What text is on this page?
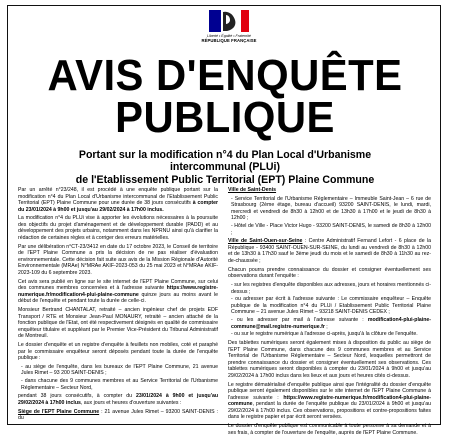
Liberté • Égalité • Fraternité
RÉPUBLIQUE FRANÇAISE
AVIS D'ENQUÊTE
PUBLIQUE
Portant sur la modification n°4 du Plan Local d'Urbanisme intercommunal (PLUi)
de l'Etablissement Public Territorial (EPT) Plaine Commune

Par un arrêté n°23/248, il est procédé à une enquête publique portant sur la modification n°4 du Plan Local d'Urbanisme intercommunal de l'Etablissement Public Territorial (EPT) Plaine Commune pour une durée de 38 jours consécutifs à compter du 23/01/2024 à 9h00 et jusqu'au 29/02/2024 à 17h00 inclus.

La modification n°4 du PLUi vise à apporter les évolutions nécessaires à la poursuite des objectifs du projet d'aménagement et de développement durable (PADD) et au développement des projets urbains, notamment dans les NPRNU ainsi qu'à clarifier la rédaction de certaines règles et à corriger des erreurs matérielles.

Par une délibération n°CT-23/3412 en date du 17 octobre 2023, le Conseil de territoire de l'EPT Plaine Commune a pris la décision de ne pas réaliser d'évaluation environnementale. Cette décision fait suite aux avis de la Mission Régionale d'Autorité Environnementale (MRAe) N°MRAe AKIF-2023-053 du 25 mai 2023 et N°MRAe AKIF-2023-109 du 6 septembre 2023.

Cet avis sera publié en ligne sur le site internet de l'EPT Plaine Commune, sur celui des communes membres concernées et à l'adresse suivante https://www.registre-numerique.fr/modification4-plui-plaine-commune quinze jours au moins avant le début de l'enquête et pendant toute la durée de celle-ci.

Monsieur Bertrand CHANTALAT, retraité – ancien ingénieur chef de projets EDF Transport / RTE et Monsieur Jean-Paul MONAURY, retraité – ancien attaché de la fonction publique de l'Etat, ont été respectivement désignés en qualité de commissaire enquêteur titulaire et suppléant par le Premier Vice-Président du Tribunal Administratif de Montreuil.

Le dossier d'enquête et un registre d'enquête à feuillets non mobiles, coté et paraphé par le commissaire enquêteur seront déposés pendant toute la durée de l'enquête publique :

- au siège de l'enquête, dans les bureaux de l'EPT Plaine Commune, 21 avenue Jules Rimet – 93 200 SAINT-DENIS ;
- dans chacune des 9 communes membres et au Service Territorial de l'Urbanisme Réglementaire – Secteur Nord,

pendant 38 jours consécutifs, à compter du 23/01/2024 à 9h00 et jusqu'au 29/02/2024 à 17h00 inclus, aux jours et heures d'ouverture suivantes :

Siège de l'EPT Plaine Commune : 21 avenue Jules Rimet – 93200 SAINT-DENIS : du

Ville de Saint-Denis

- Service Territorial de l'Urbanisme Réglementaire – Immeuble Saint-Jean – 6 rue de Strasbourg (2ème étage, bureau d'accueil) 93200 SAINT-DENIS, le lundi, mardi, mercredi et vendredi de 8h30 à 12h00 et de 13h30 à 17h00 et le jeudi de 8h30 à 12h00 ;
- Hôtel de Ville - Place Victor Hugo - 93200 SAINT-DENIS, le samedi de 8h30 à 12h00 ;

Ville de Saint-Ouen-sur-Seine : Centre Administratif Fernand Lefort - 6 place de la République - 93400 SAINT-OUEN-SUR-SEINE, du lundi au vendredi de 8h30 à 12h00 et de 13h30 à 17h30 sauf le 3ème jeudi du mois et le samedi de 8h30 à 11h30 au rez-de-chaussée ;

Chacun pourra prendre connaissance du dossier et consigner éventuellement ses observations durant l'enquête :

- sur les registres d'enquête disponibles aux adresses, jours et horaires mentionnés ci-dessus ;
- ou adresser par écrit à l'adresse suivante : Le commissaire enquêteur – Enquête publique de la modification n°4 du PLUi / Etablissement Public Territorial Plaine Commune – 21 avenue Jules Rimet – 93218 SAINT-DENIS CEDEX ;
- ou les adresser par mail à l'adresse suivante : modification4-plui-plaine-commune@mail.registre-numerique.fr ;
- ou sur le registre numérique à l'adresse ci-après, jusqu'à la clôture de l'enquête.

Des tablettes numériques seront également mises à disposition du public au siège de l'EPT Plaine Commune, dans chacune des 9 communes membres et au Service Territorial de l'Urbanisme Réglementaire – Secteur Nord, lesquelles permettront de prendre connaissance du dossier et consigner éventuellement ses observations. Ces tablettes numériques seront disponibles à compter du 23/01/2024 à 9h00 et jusqu'au 29/02/2024 à 17h00 inclus dans les lieux et aux jours et heures cités ci-dessus.

Le registre dématérialisé d'enquête publique ainsi que l'intégralité du dossier d'enquête publique seront également disponibles sur le site internet de l'EPT Plaine Commune à l'adresse suivante : https://www.registre-numerique.fr/modification4-plui-plaine-commune, pendant la durée de l'enquête publique du 23/01/2024 à 9h00 et jusqu'au 29/02/2024 à 17h00 inclus. Ces observations, propositions et contre-propositions faites dans le registre papier et par écrit seront versées.

Le dossier d'enquête publique est communicable à toute personne à sa demande et à ses frais, à compter de l'ouverture de l'enquête, auprès de l'EPT Plaine Commune.
